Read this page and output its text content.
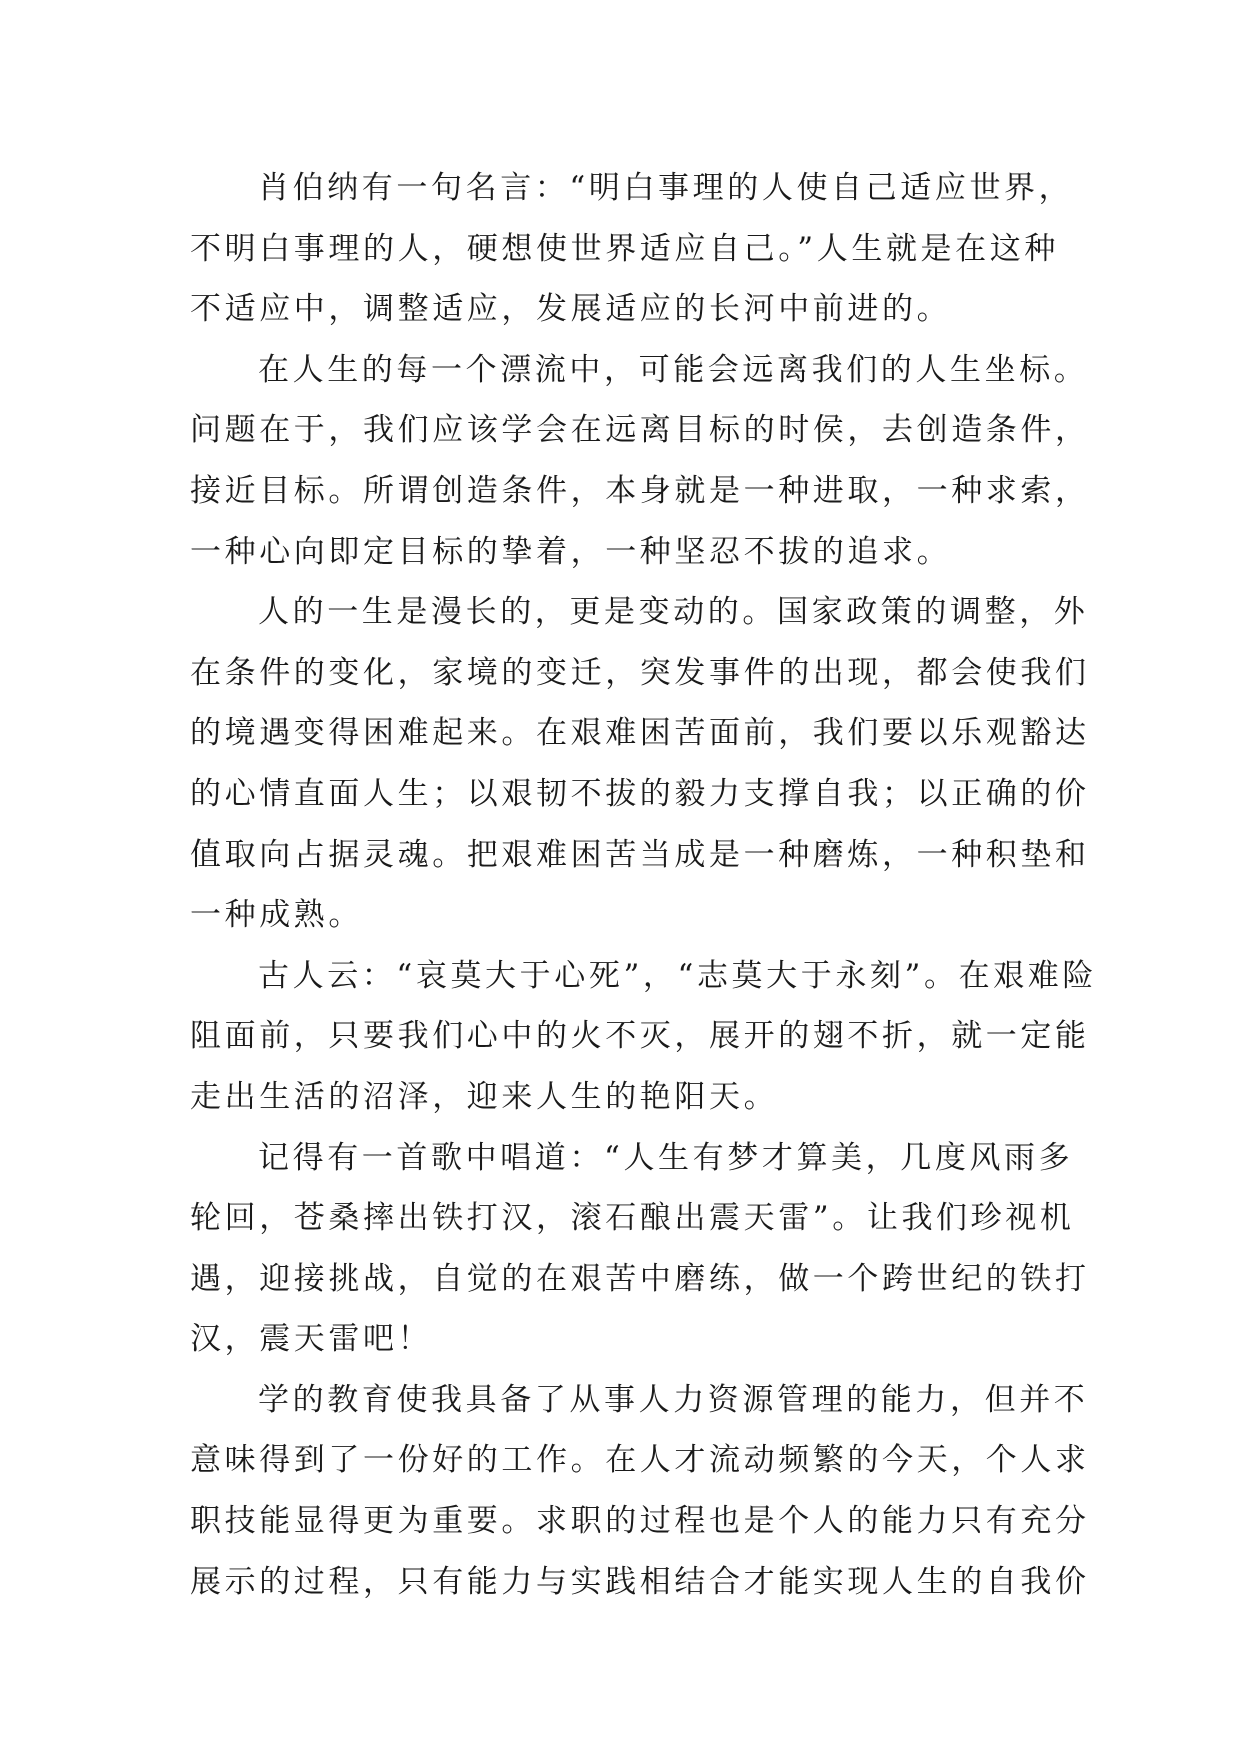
肖伯纳有一句名言：“明白事理的人使自己适应世界，
不明白事理的人，硬想使世界适应自己。”人生就是在这种
不适应中，调整适应，发展适应的长河中前进的。
在人生的每一个漂流中，可能会远离我们的人生坐标。
问题在于，我们应该学会在远离目标的时侯，去创造条件，
接近目标。所谓创造条件，本身就是一种进取，一种求索，
一种心向即定目标的挚着，一种坚忍不拔的追求。
人的一生是漫长的，更是变动的。国家政策的调整，外
在条件的变化，家境的变迁，突发事件的出现，都会使我们
的境遇变得困难起来。在艰难困苦面前，我们要以乐观豁达
的心情直面人生；以艰韧不拔的毅力支撑自我；以正确的价
值取向占据灵魂。把艰难困苦当成是一种磨炼，一种积垫和
一种成熟。
古人云：“哀莫大于心死”，“志莫大于永刻”。在艰难险
阻面前，只要我们心中的火不灭，展开的翅不折，就一定能
走出生活的沼泽，迎来人生的艳阳天。
记得有一首歌中唱道：“人生有梦才算美，几度风雨多
轮回，苍桑摔出铁打汉，滚石酿出震天雷”。让我们珍视机
遇，迎接挑战，自觉的在艰苦中磨练，做一个跨世纪的铁打
汉，震天雷吧！
学的教育使我具备了从事人力资源管理的能力，但并不
意味得到了一份好的工作。在人才流动频繁的今天，个人求
职技能显得更为重要。求职的过程也是个人的能力只有充分
展示的过程，只有能力与实践相结合才能实现人生的自我价
